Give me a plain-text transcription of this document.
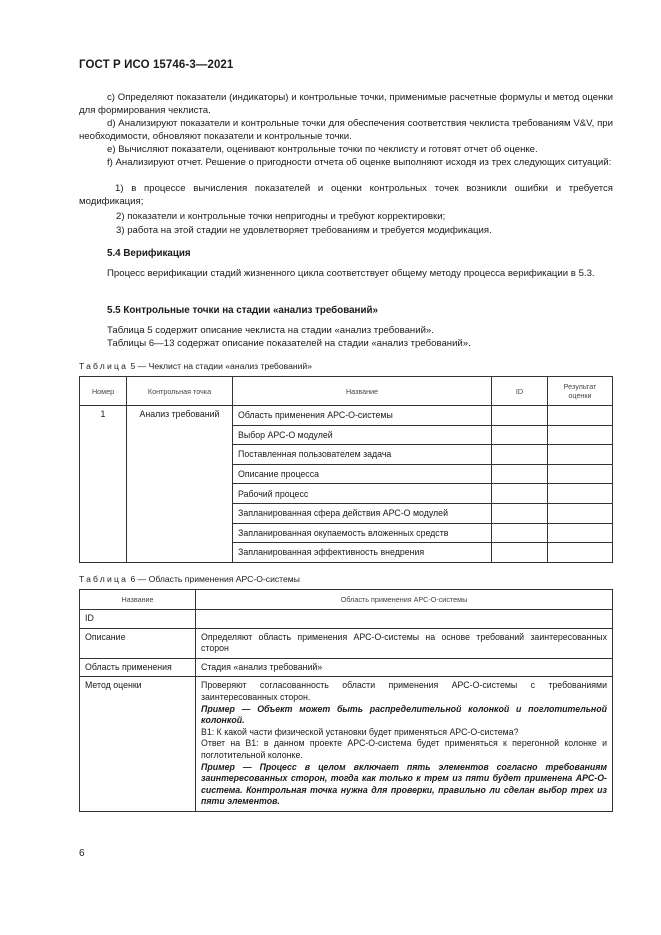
ГОСТ Р ИСО 15746-3—2021
c) Определяют показатели (индикаторы) и контрольные точки, применимые расчетные формулы и метод оценки для формирования чеклиста.
d) Анализируют показатели и контрольные точки для обеспечения соответствия чеклиста требованиям V&V, при необходимости, обновляют показатели и контрольные точки.
e) Вычисляют показатели, оценивают контрольные точки по чеклисту и готовят отчет об оценке.
f) Анализируют отчет. Решение о пригодности отчета об оценке выполняют исходя из трех следующих ситуаций:
1) в процессе вычисления показателей и оценки контрольных точек возникли ошибки и требуется модификация;
2) показатели и контрольные точки непригодны и требуют корректировки;
3) работа на этой стадии не удовлетворяет требованиям и требуется модификация.
5.4 Верификация
Процесс верификации стадий жизненного цикла соответствует общему методу процесса верификации в 5.3.
5.5 Контрольные точки на стадии «анализ требований»
Таблица 5 содержит описание чеклиста на стадии «анализ требований».
Таблицы 6—13 содержат описание показателей на стадии «анализ требований».
Таблица 5 — Чеклист на стадии «анализ требований»
Номер	Контрольная точка	Название	ID	Результат оценки
1	Анализ требований	Область применения АРС-О-системы		
		Выбор АРС-О модулей		
		Поставленная пользователем задача		
		Описание процесса		
		Рабочий процесс		
		Запланированная сфера действия АРС-О модулей		
		Запланированная окупаемость вложенных средств		
		Запланированная эффективность внедрения		
Таблица 6 — Область применения АРС-О-системы
Название	Область применения АРС-О-системы
ID	
Описание	Определяют область применения АРС-О-системы на основе требований заинтересованных сторон
Область применения	Стадия «анализ требований»
Метод оценки	Проверяют согласованность области применения АРС-О-системы с требованиями заинтересованных сторон.
Пример — Объект может быть распределительной колонкой и поглотительной колонкой.
В1: К какой части физической установки будет применяться АРС-О-система?
Ответ на В1: в данном проекте АРС-О-система будет применяться к перегонной колонке и поглотительной колонке.
Пример — Процесс в целом включает пять элементов согласно требованиям заинтересованных сторон, тогда как только к трем из пяти будет применена АРС-О-система. Контрольная точка нужна для проверки, правильно ли сделан выбор трех из пяти элементов.
6
